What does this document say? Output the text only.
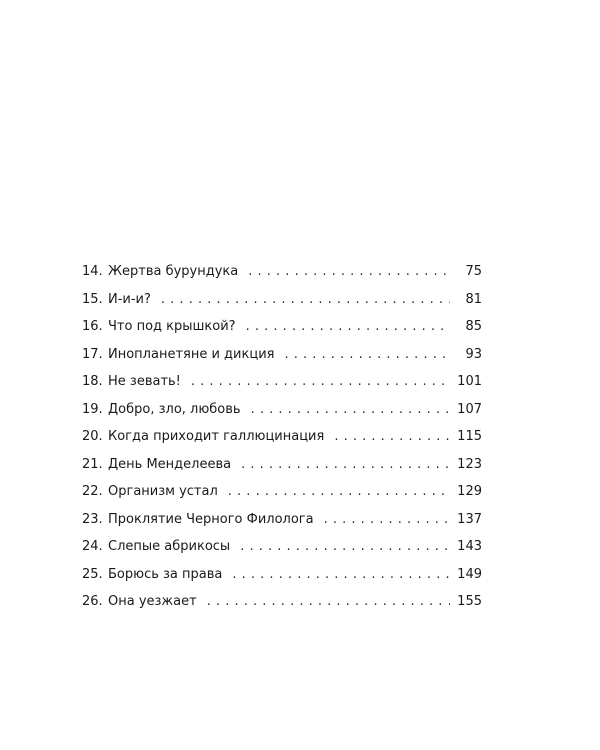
14. Жертва бурундука . . .	75
15. И-и-и? . . .	81
16. Что под крышкой? . . .	85
17. Инопланетяне и дикция . . .	93
18. Не зевать! . . .	101
19. Добро, зло, любовь . . .	107
20. Когда приходит галлюцинация . . .	115
21. День Менделеева . . .	123
22. Организм устал . . .	129
23. Проклятие Черного Филолога . . .	137
24. Слепые абрикосы . . .	143
25. Борюсь за права . . .	149
26. Она уезжает . . .	155
